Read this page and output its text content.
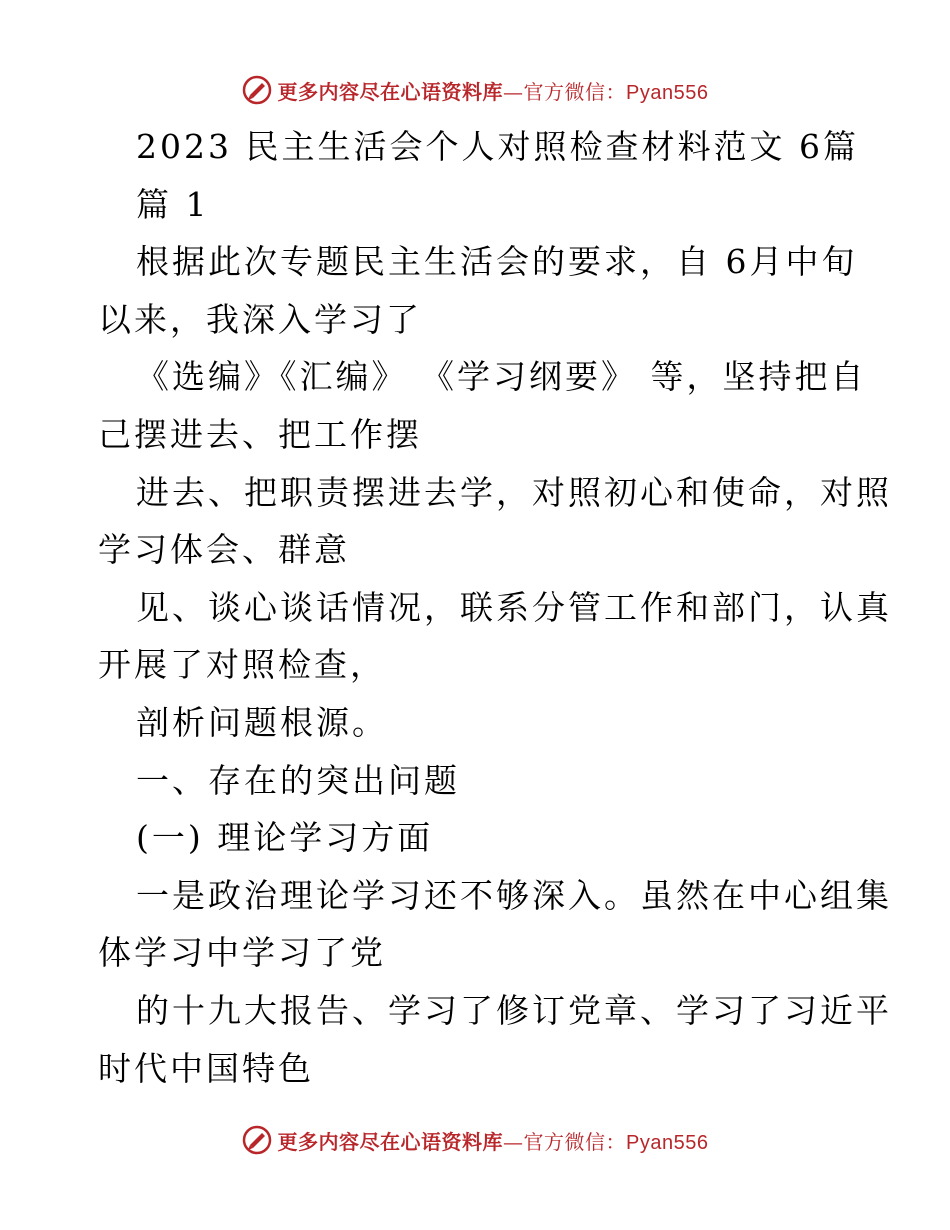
更多内容尽在心语资料库—官方微信：Pyan556
2023 民主生活会个人对照检查材料范文 6篇
篇 1
根据此次专题民主生活会的要求，自 6月中旬
以来，我深入学习了
《选编》《汇编》 《学习纲要》 等，坚持把自
己摆进去、把工作摆
进去、把职责摆进去学，对照初心和使命，对照
学习体会、群意
见、谈心谈话情况，联系分管工作和部门，认真
开展了对照检查，
剖析问题根源。
一、存在的突出问题
(一) 理论学习方面
一是政治理论学习还不够深入。虽然在中心组集
体学习中学习了党
的十九大报告、学习了修订党章、学习了习近平
时代中国特色
更多内容尽在心语资料库—官方微信：Pyan556
